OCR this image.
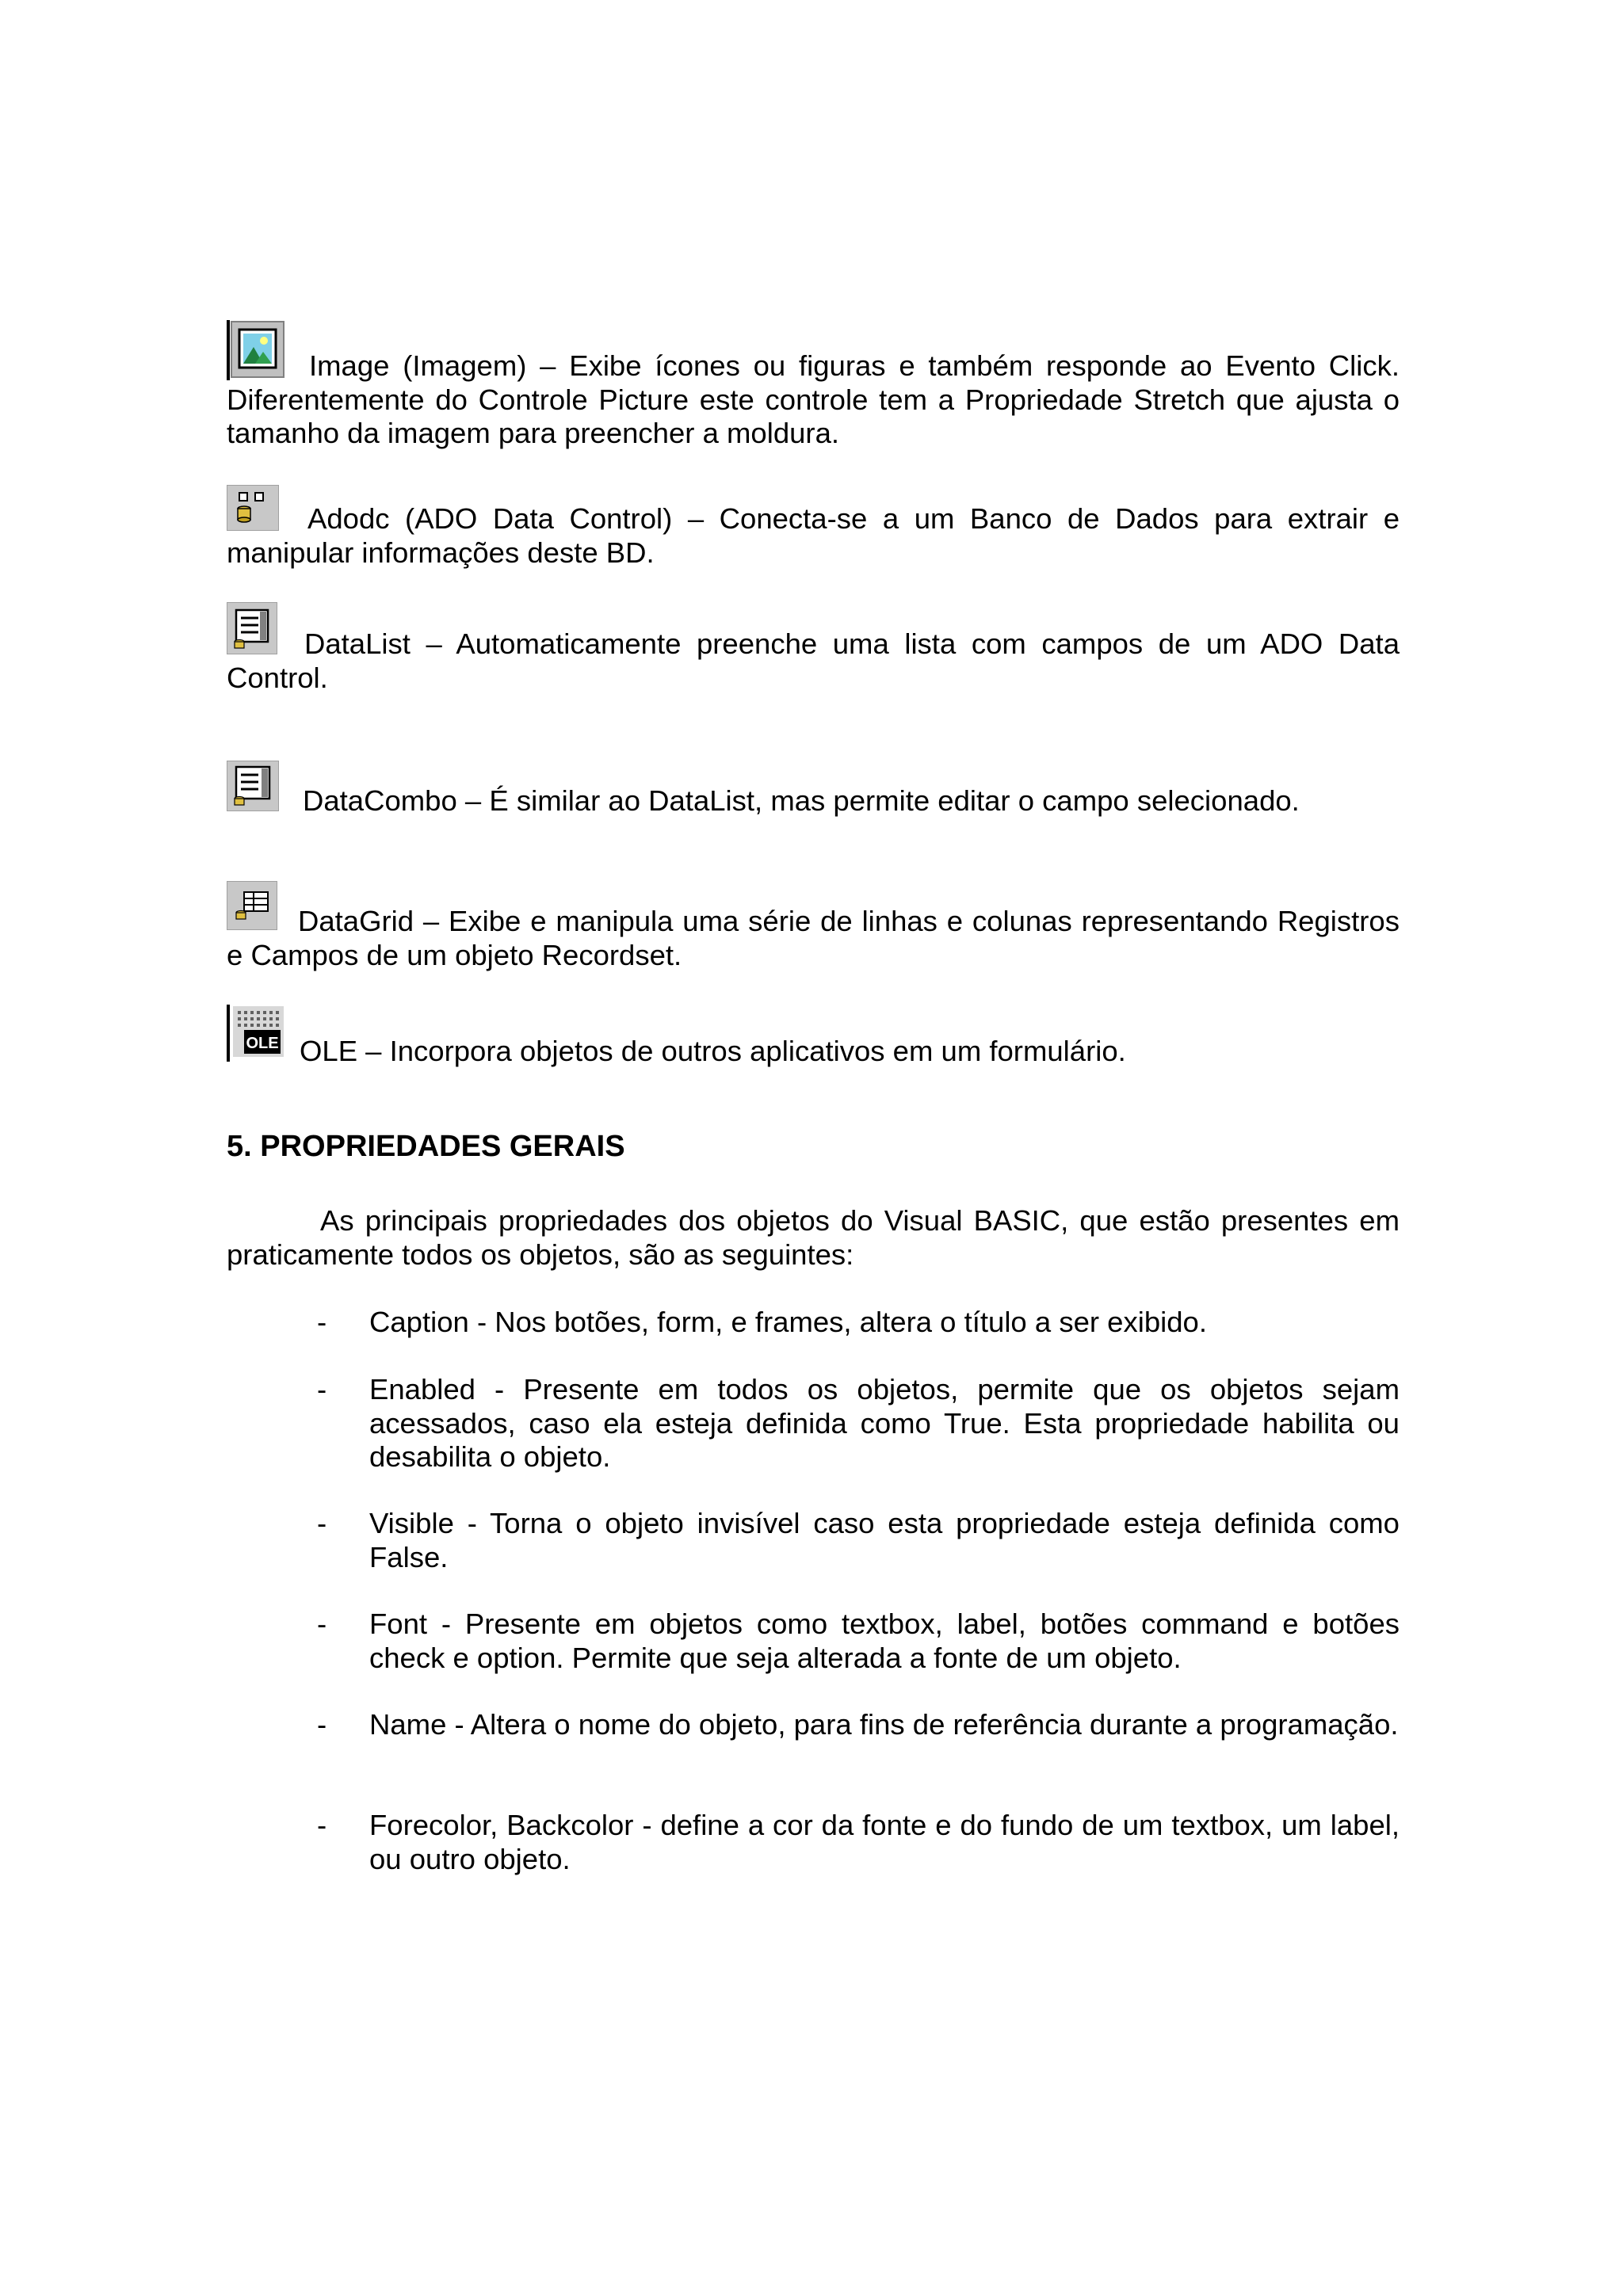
Image (Imagem) – Exibe ícones ou figuras e também responde ao Evento Click. Diferentemente do Controle Picture este controle tem a Propriedade Stretch que ajusta o tamanho da imagem para preencher a moldura.
Adodc (ADO Data Control) – Conecta-se a um Banco de Dados para extrair e manipular informações deste BD.
DataList – Automaticamente preenche uma lista com campos de um ADO Data Control.
DataCombo – É similar ao DataList, mas permite editar o campo selecionado.
DataGrid – Exibe e manipula uma série de linhas e colunas representando Registros e Campos de um objeto Recordset.
OLE OLE – Incorpora objetos de outros aplicativos em um formulário.
5. PROPRIEDADES GERAIS
As principais propriedades dos objetos do Visual BASIC, que estão presentes em praticamente todos os objetos, são as seguintes:
- Caption - Nos botões, form, e frames, altera o título a ser exibido.
- Enabled - Presente em todos os objetos, permite que os objetos sejam acessados, caso ela esteja definida como True. Esta propriedade habilita ou desabilita o objeto.
- Visible - Torna o objeto invisível caso esta propriedade esteja definida como False.
- Font - Presente em objetos como textbox, label, botões command e botões check e option. Permite que seja alterada a fonte de um objeto.
- Name - Altera o nome do objeto, para fins de referência durante a programação.
- Forecolor, Backcolor - define a cor da fonte e do fundo de um textbox, um label, ou outro objeto.
